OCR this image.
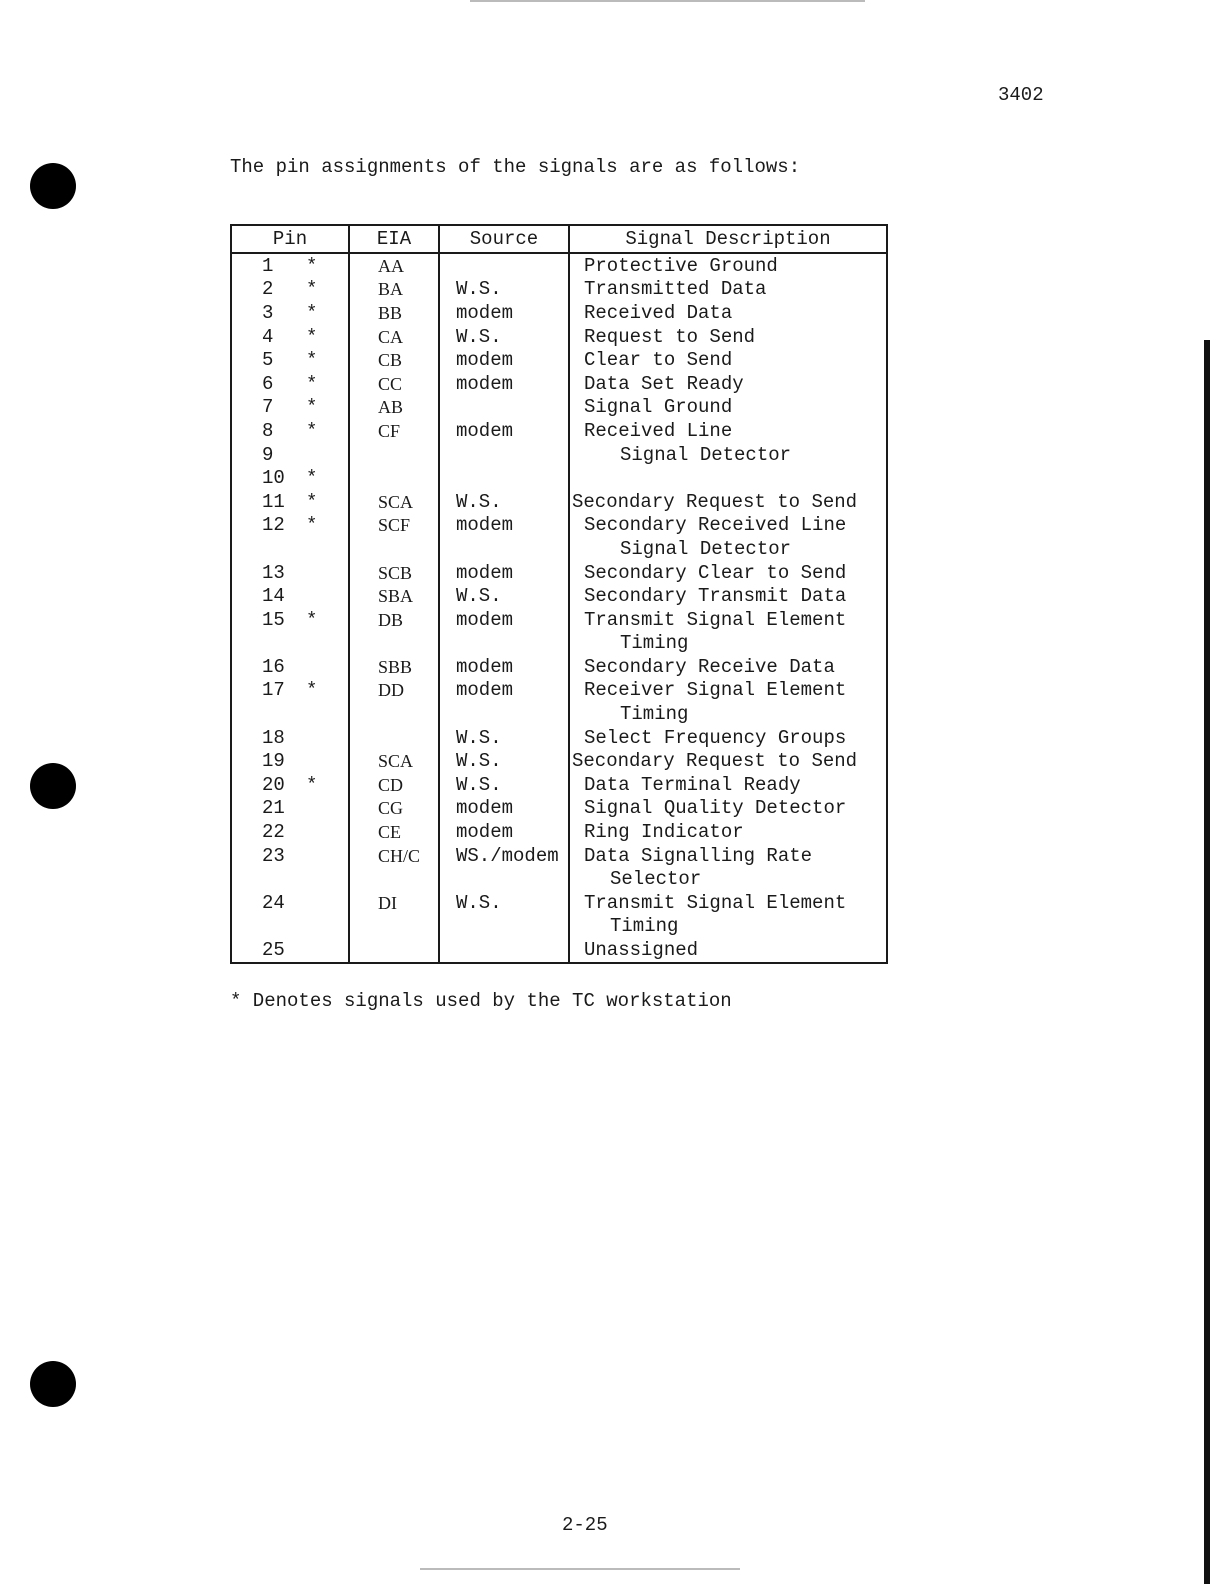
3402
The pin assignments of the signals are as follows:
Pin	EIA	Source	Signal Description
1 *	AA		Protective Ground
2 *	BA	W.S.	Transmitted Data
3 *	BB	modem	Received Data
4 *	CA	W.S.	Request to Send
5 *	CB	modem	Clear to Send
6 *	CC	modem	Data Set Ready
7 *	AB		Signal Ground
8 *	CF	modem	Received Line
9			Signal Detector
10 *			
11 *	SCA	W.S.	Secondary Request to Send
12 *	SCF	modem	Secondary Received Line
			Signal Detector
13	SCB	modem	Secondary Clear to Send
14	SBA	W.S.	Secondary Transmit Data
15 *	DB	modem	Transmit Signal Element
			Timing
16	SBB	modem	Secondary Receive Data
17 *	DD	modem	Receiver Signal Element
			Timing
18		W.S.	Select Frequency Groups
19	SCA	W.S.	Secondary Request to Send
20 *	CD	W.S.	Data Terminal Ready
21	CG	modem	Signal Quality Detector
22	CE	modem	Ring Indicator
23	CH/C	WS./modem	Data Signalling Rate
			Selector
24	DI	W.S.	Transmit Signal Element
			Timing
25			Unassigned
* Denotes signals used by the TC workstation
2-25
